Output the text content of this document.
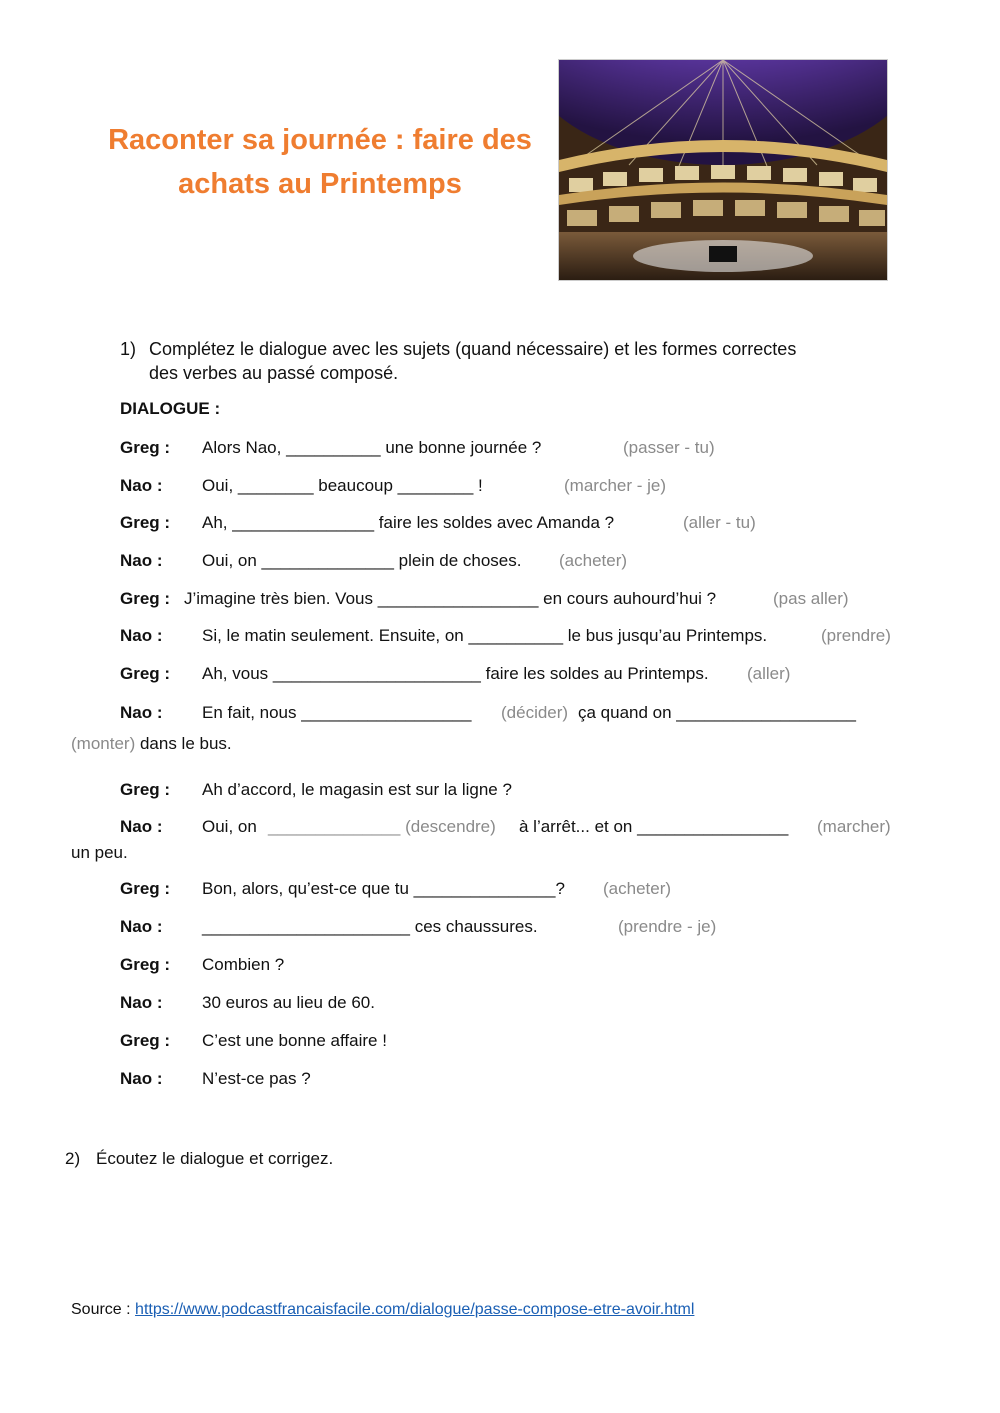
Raconter sa journée : faire des
achats au Printemps
1) Complétez le dialogue avec les sujets (quand nécessaire) et les formes correctes
des verbes au passé composé.
DIALOGUE :
Greg : Alors Nao, __________ une bonne journée ?	(passer - tu)
Nao : Oui, ________ beaucoup ________ !	(marcher - je)
Greg : Ah, _______________ faire les soldes avec Amanda ?	(aller - tu)
Nao : Oui, on ______________ plein de choses. (acheter)
Greg : J’imagine très bien. Vous _________________ en cours auhourd’hui ?	(pas aller)
Nao : Si, le matin seulement. Ensuite, on __________ le bus jusqu’au Printemps.	(prendre)
Greg : Ah, vous ______________________ faire les soldes au Printemps. (aller)
Nao : En fait, nous __________________ (décider) ça quand on ___________________
(monter) dans le bus.
Greg : Ah d’accord, le magasin est sur la ligne ?
Nao : Oui, on ______________ (descendre) à l’arrêt... et on ________________ (marcher)
un peu.
Greg : Bon, alors, qu’est-ce que tu _______________? (acheter)
Nao : ______________________ ces chaussures.	(prendre - je)
Greg : Combien ?
Nao : 30 euros au lieu de 60.
Greg : C’est une bonne affaire !
Nao : N’est-ce pas ?
2) Écoutez le dialogue et corrigez.
Source : https://www.podcastfrancaisfacile.com/dialogue/passe-compose-etre-avoir.html
